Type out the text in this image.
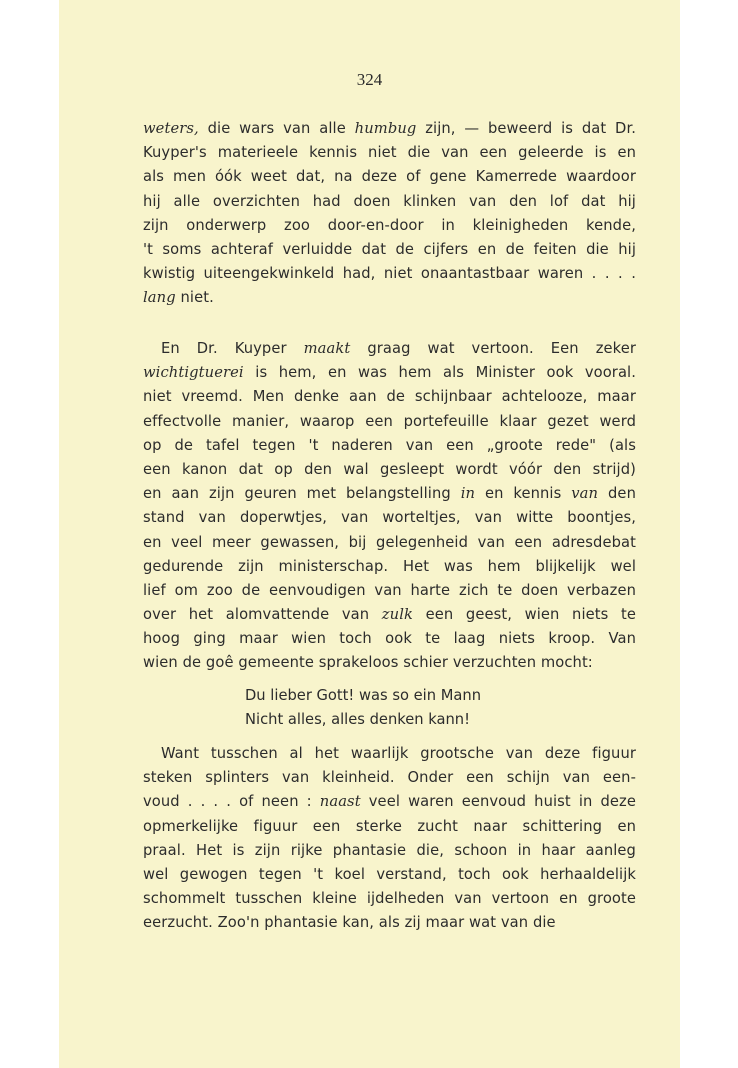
324
weters, die wars van alle humbug zijn, — beweerd is dat Dr.
Kuyper's materieele kennis niet die van een geleerde is en
als men óók weet dat, na deze of gene Kamerrede waardoor
hij alle overzichten had doen klinken van den lof dat hij
zijn onderwerp zoo door-en-door in kleinigheden kende,
't soms achteraf verluidde dat de cijfers en de feiten die hij
kwistig uiteengekwinkeld had, niet onaantastbaar waren . . . .
lang niet.
En Dr. Kuyper maakt graag wat vertoon. Een zeker
wichtigtuerei is hem, en was hem als Minister ook vooral.
niet vreemd. Men denke aan de schijnbaar achtelooze, maar
effectvolle manier, waarop een portefeuille klaar gezet werd
op de tafel tegen 't naderen van een „groote rede" (als
een kanon dat op den wal gesleept wordt vóór den strijd)
en aan zijn geuren met belangstelling in en kennis van den
stand van doperwtjes, van worteltjes, van witte boontjes,
en veel meer gewassen, bij gelegenheid van een adresdebat
gedurende zijn ministerschap. Het was hem blijkelijk wel
lief om zoo de eenvoudigen van harte zich te doen verbazen
over het alomvattende van zulk een geest, wien niets te
hoog ging maar wien toch ook te laag niets kroop. Van
wien de goê gemeente sprakeloos schier verzuchten mocht:
Du lieber Gott! was so ein Mann
Nicht alles, alles denken kann!
Want tusschen al het waarlijk grootsche van deze figuur
steken splinters van kleinheid. Onder een schijn van een-
voud . . . . of neen : naast veel waren eenvoud huist in deze
opmerkelijke figuur een sterke zucht naar schittering en
praal. Het is zijn rijke phantasie die, schoon in haar aanleg
wel gewogen tegen 't koel verstand, toch ook herhaaldelijk
schommelt tusschen kleine ijdelheden van vertoon en groote
eerzucht. Zoo'n phantasie kan, als zij maar wat van die
